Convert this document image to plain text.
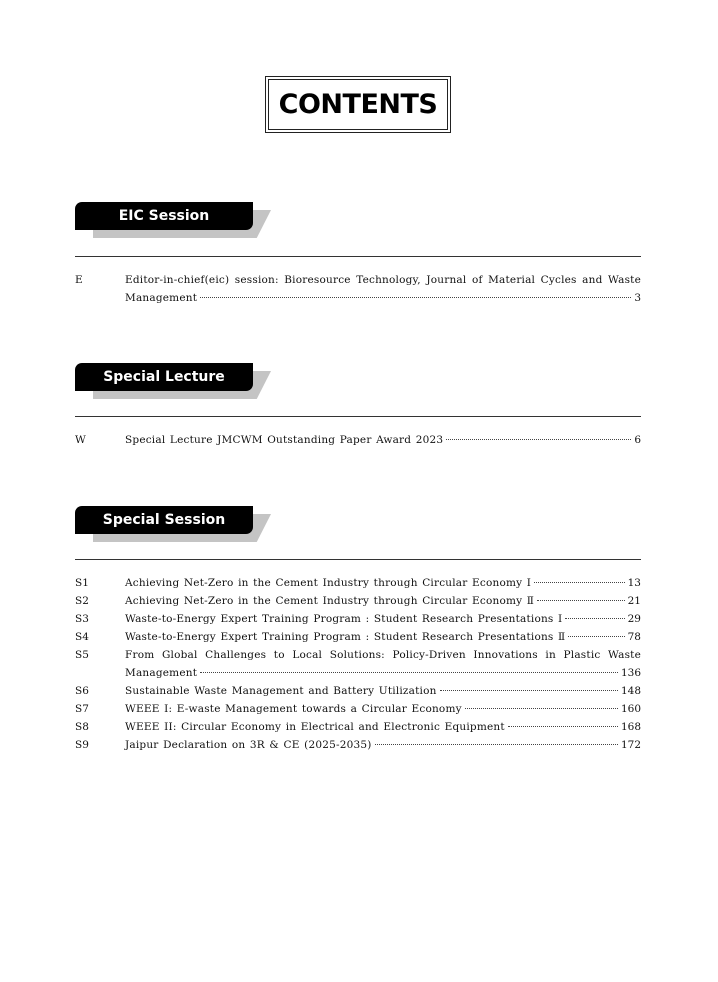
CONTENTS
EIC Session
E	Editor-in-chief(eic) session: Bioresource Technology, Journal of Material Cycles and Waste
Management	3
Special Lecture
W	Special Lecture JMCWM Outstanding Paper Award 2023	6
Special Session
S1	Achieving Net-Zero in the Cement Industry through Circular Economy Ⅰ	13
S2	Achieving Net-Zero in the Cement Industry through Circular Economy Ⅱ	21
S3	Waste-to-Energy Expert Training Program : Student Research Presentations Ⅰ	29
S4	Waste-to-Energy Expert Training Program : Student Research Presentations Ⅱ	78
S5	From Global Challenges to Local Solutions: Policy-Driven Innovations in Plastic Waste
Management	136
S6	Sustainable Waste Management and Battery Utilization	148
S7	WEEE I: E-waste Management towards a Circular Economy	160
S8	WEEE II: Circular Economy in Electrical and Electronic Equipment	168
S9	Jaipur Declaration on 3R & CE (2025-2035)	172
